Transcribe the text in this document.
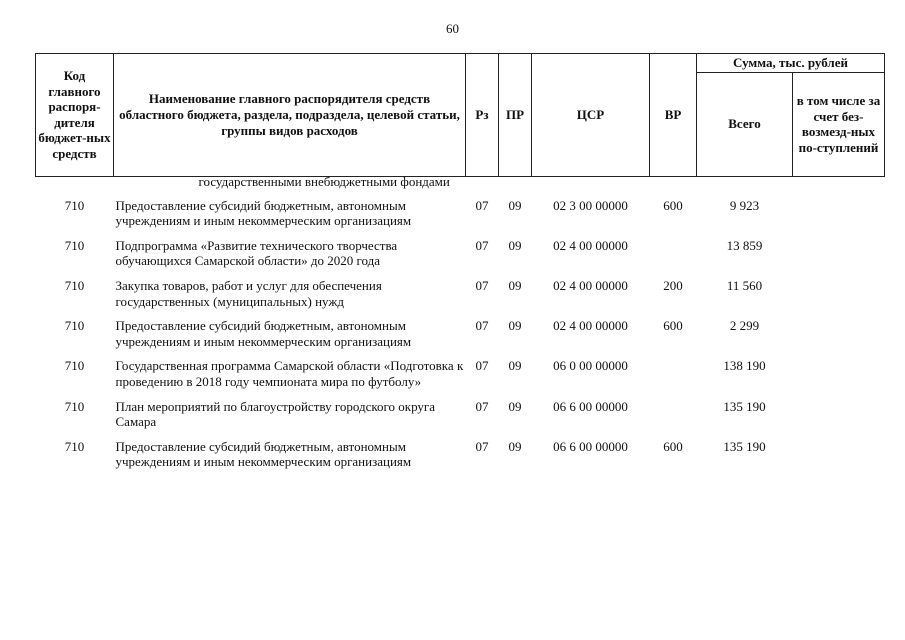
60
Код главного распоря-дителя бюджет-ных средств	Наименование главного распорядителя средств областного бюджета, раздела, подраздела, целевой статьи, группы видов расходов	Рз	ПР	ЦСР	ВР	Сумма, тыс. рублей	
						Всего	в том числе за счет без-возмезд-ных по-ступлений
	государственными внебюджетными фондами						
710	Предоставление субсидий бюджетным, автономным учреждениям и иным некоммерческим организациям	07	09	02 3 00 00000	600	9 923	
710	Подпрограмма «Развитие технического творчества обучающихся Самарской области» до 2020 года	07	09	02 4 00 00000		13 859	
710	Закупка товаров, работ и услуг для обеспечения государственных (муниципальных) нужд	07	09	02 4 00 00000	200	11 560	
710	Предоставление субсидий бюджетным, автономным учреждениям и иным некоммерческим организациям	07	09	02 4 00 00000	600	2 299	
710	Государственная программа Самарской области «Подготовка к проведению в 2018 году чемпионата мира по футболу»	07	09	06 0 00 00000		138 190	
710	План мероприятий по благоустройству городского округа Самара	07	09	06 6 00 00000		135 190	
710	Предоставление субсидий бюджетным, автономным учреждениям и иным некоммерческим организациям	07	09	06 6 00 00000	600	135 190	
